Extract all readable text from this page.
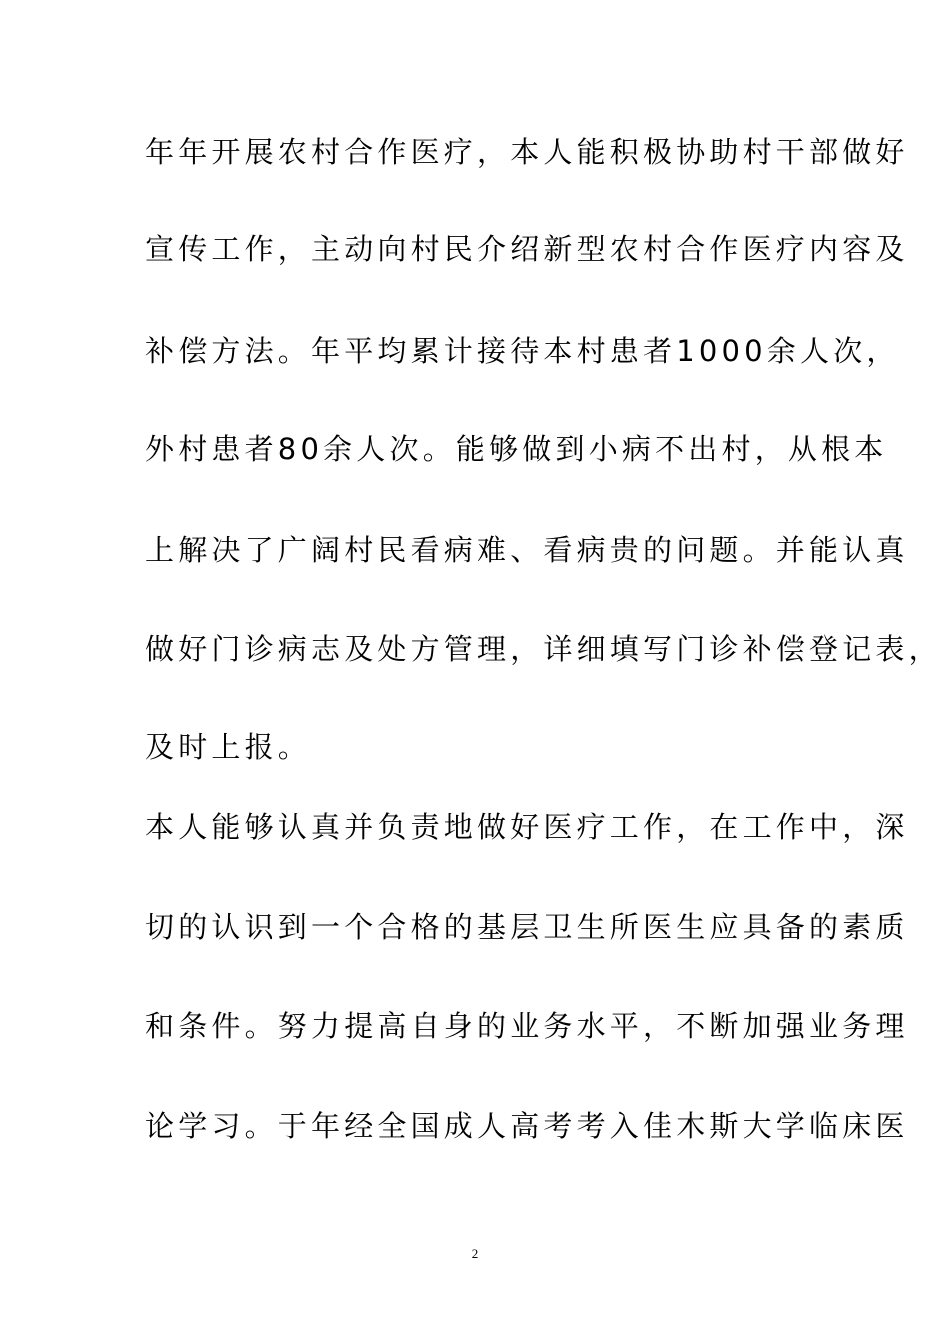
年年开展农村合作医疗，本人能积极协助村干部做好
宣传工作，主动向村民介绍新型农村合作医疗内容及
补偿方法。年平均累计接待本村患者1000余人次，
外村患者80余人次。能够做到小病不出村，从根本
上解决了广阔村民看病难、看病贵的问题。并能认真
做好门诊病志及处方管理，详细填写门诊补偿登记表，
及时上报。
本人能够认真并负责地做好医疗工作，在工作中，深
切的认识到一个合格的基层卫生所医生应具备的素质
和条件。努力提高自身的业务水平，不断加强业务理
论学习。于年经全国成人高考考入佳木斯大学临床医
2
